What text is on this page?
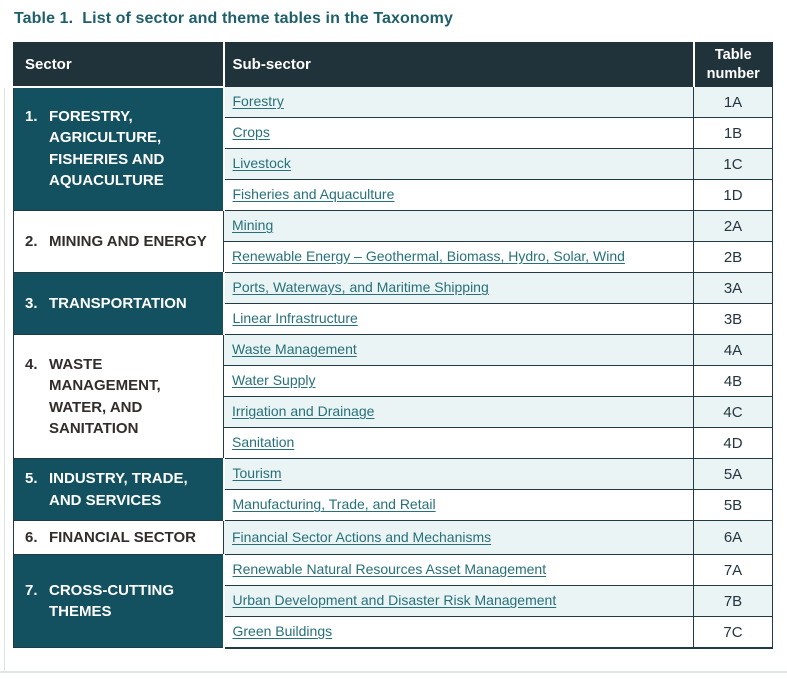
Table 1.  List of sector and theme tables in the Taxonomy
Sector	Sub-sector	Table number

1. FORESTRY, AGRICULTURE, FISHERIES AND AQUACULTURE	Forestry	1A
	Crops	1B
	Livestock	1C
	Fisheries and Aquaculture	1D

2. MINING AND ENERGY	Mining	2A
	Renewable Energy – Geothermal, Biomass, Hydro, Solar, Wind	2B

3. TRANSPORTATION	Ports, Waterways, and Maritime Shipping	3A
	Linear Infrastructure	3B

4. WASTE MANAGEMENT, WATER, AND SANITATION	Waste Management	4A
	Water Supply	4B
	Irrigation and Drainage	4C
	Sanitation	4D

5. INDUSTRY, TRADE, AND SERVICES	Tourism	5A
	Manufacturing, Trade, and Retail	5B

6. FINANCIAL SECTOR	Financial Sector Actions and Mechanisms	6A

7. CROSS-CUTTING THEMES	Renewable Natural Resources Asset Management	7A
	Urban Development and Disaster Risk Management	7B
	Green Buildings	7C
